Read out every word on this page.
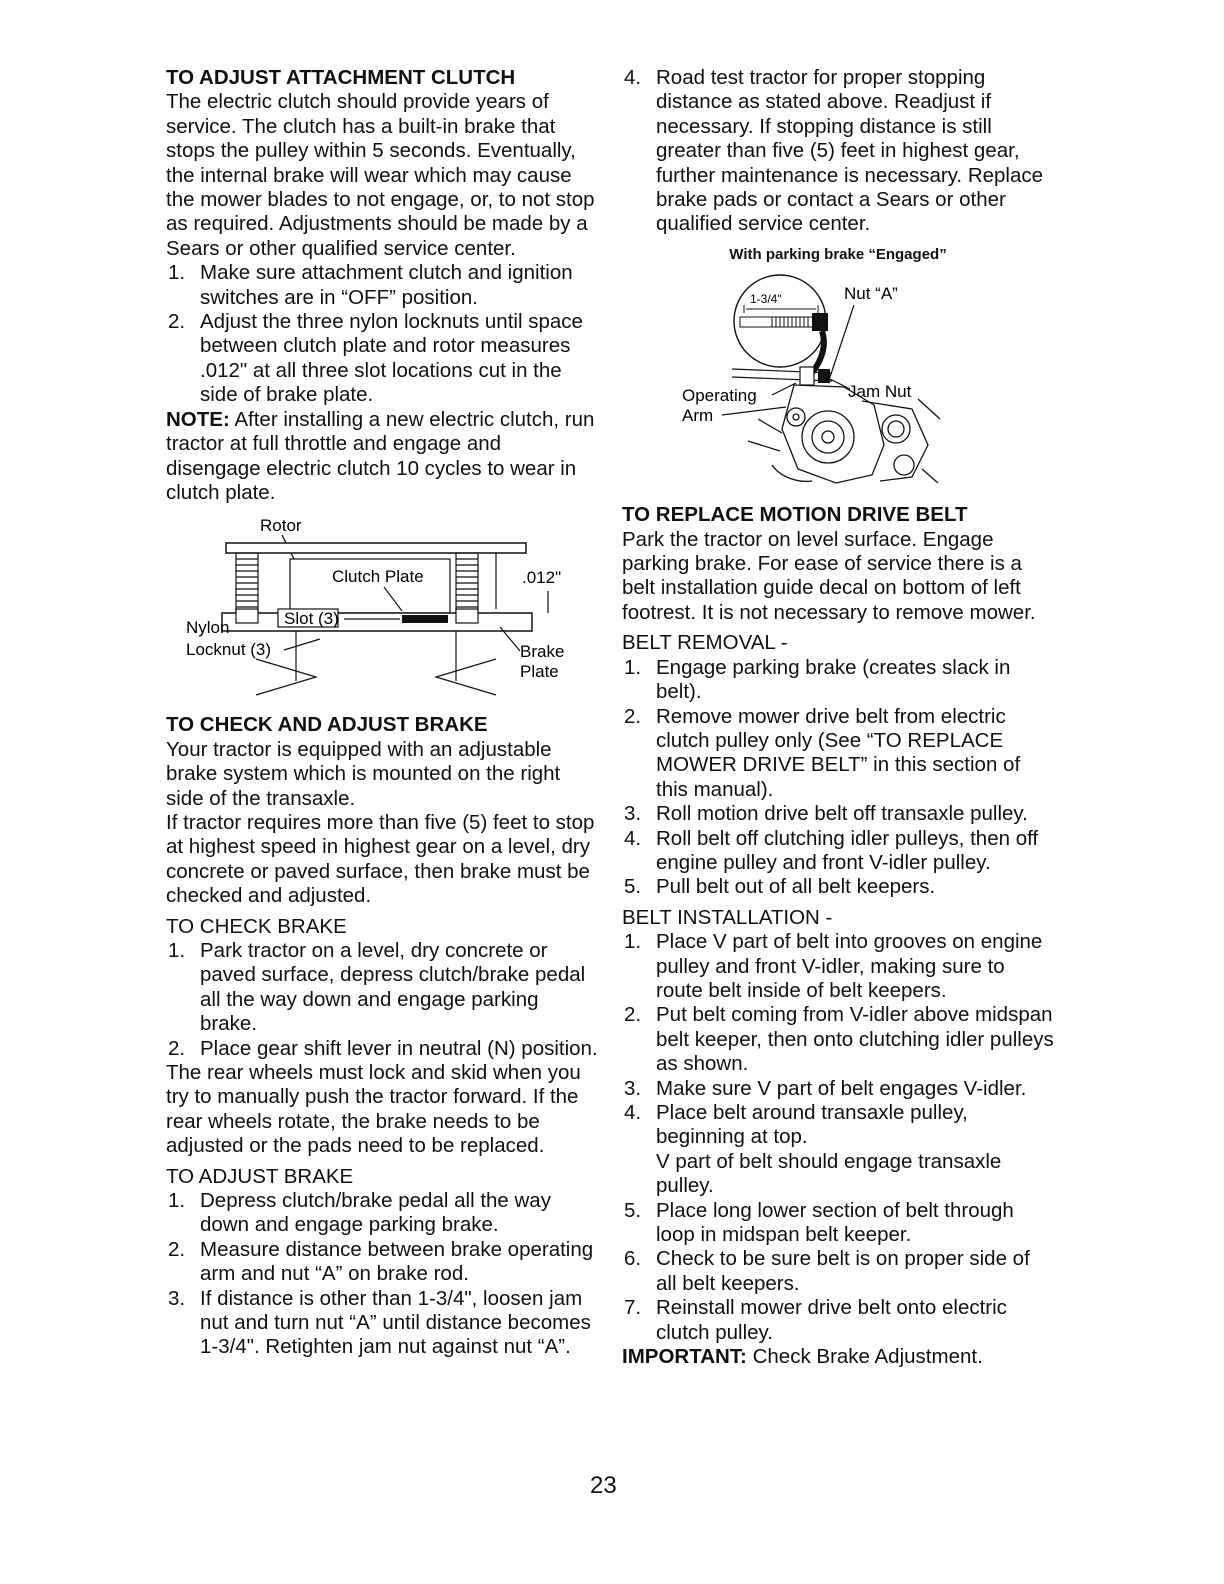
TO ADJUST ATTACHMENT CLUTCH

The electric clutch should provide years of service. The clutch has a built-in brake that stops the pulley within 5 seconds. Eventually, the internal brake will wear which may cause the mower blades to not engage, or, to not stop as required. Adjustments should be made by a Sears or other qualified service center.

1. Make sure attachment clutch and ignition switches are in “OFF” position.
2. Adjust the three nylon locknuts until space between clutch plate and rotor measures .012" at all three slot locations cut in the side of brake plate.

NOTE: After installing a new electric clutch, run tractor at full throttle and engage and disengage electric clutch 10 cycles to wear in clutch plate.

Rotor
Clutch Plate	.012"
Slot (3)
Nylon
Locknut (3)	Brake
Plate
TO CHECK AND ADJUST BRAKE

Your tractor is equipped with an adjustable brake system which is mounted on the right side of the transaxle.

If tractor requires more than five (5) feet to stop at highest speed in highest gear on a level, dry concrete or paved surface, then brake must be checked and adjusted.

TO CHECK BRAKE

1. Park tractor on a level, dry concrete or paved surface, depress clutch/brake pedal all the way down and engage parking brake.
2. Place gear shift lever in neutral (N) position.

The rear wheels must lock and skid when you try to manually push the tractor forward. If the rear wheels rotate, the brake needs to be adjusted or the pads need to be replaced.

TO ADJUST BRAKE

1. Depress clutch/brake pedal all the way down and engage parking brake.
2. Measure distance between brake operating arm and nut “A” on brake rod.
3. If distance is other than 1-3/4", loosen jam nut and turn nut “A” until distance becomes 1-3/4". Retighten jam nut against nut “A”.
4. Road test tractor for proper stopping distance as stated above. Readjust if necessary. If stopping distance is still greater than five (5) feet in highest gear, further maintenance is necessary. Replace brake pads or contact a Sears or other qualified service center.
With parking brake “Engaged”
1-3/4"	Nut “A”
Operating
Arm
Jam Nut
TO REPLACE MOTION DRIVE BELT

Park the tractor on level surface. Engage parking brake. For ease of service there is a belt installation guide decal on bottom of left footrest. It is not necessary to remove mower.

BELT REMOVAL -

1. Engage parking brake (creates slack in belt).
2. Remove mower drive belt from electric clutch pulley only (See “TO REPLACE MOWER DRIVE BELT” in this section of this manual).
3. Roll motion drive belt off transaxle pulley.
4. Roll belt off clutching idler pulleys, then off engine pulley and front V-idler pulley.
5. Pull belt out of all belt keepers.

BELT INSTALLATION -

1. Place V part of belt into grooves on engine pulley and front V-idler, making sure to route belt inside of belt keepers.
2. Put belt coming from V-idler above midspan belt keeper, then onto clutching idler pulleys as shown.
3. Make sure V part of belt engages V-idler.
4. Place belt around transaxle pulley, beginning at top.
V part of belt should engage transaxle pulley.
5. Place long lower section of belt through loop in midspan belt keeper.
6. Check to be sure belt is on proper side of all belt keepers.
7. Reinstall mower drive belt onto electric clutch pulley.

IMPORTANT: Check Brake Adjustment.

23
